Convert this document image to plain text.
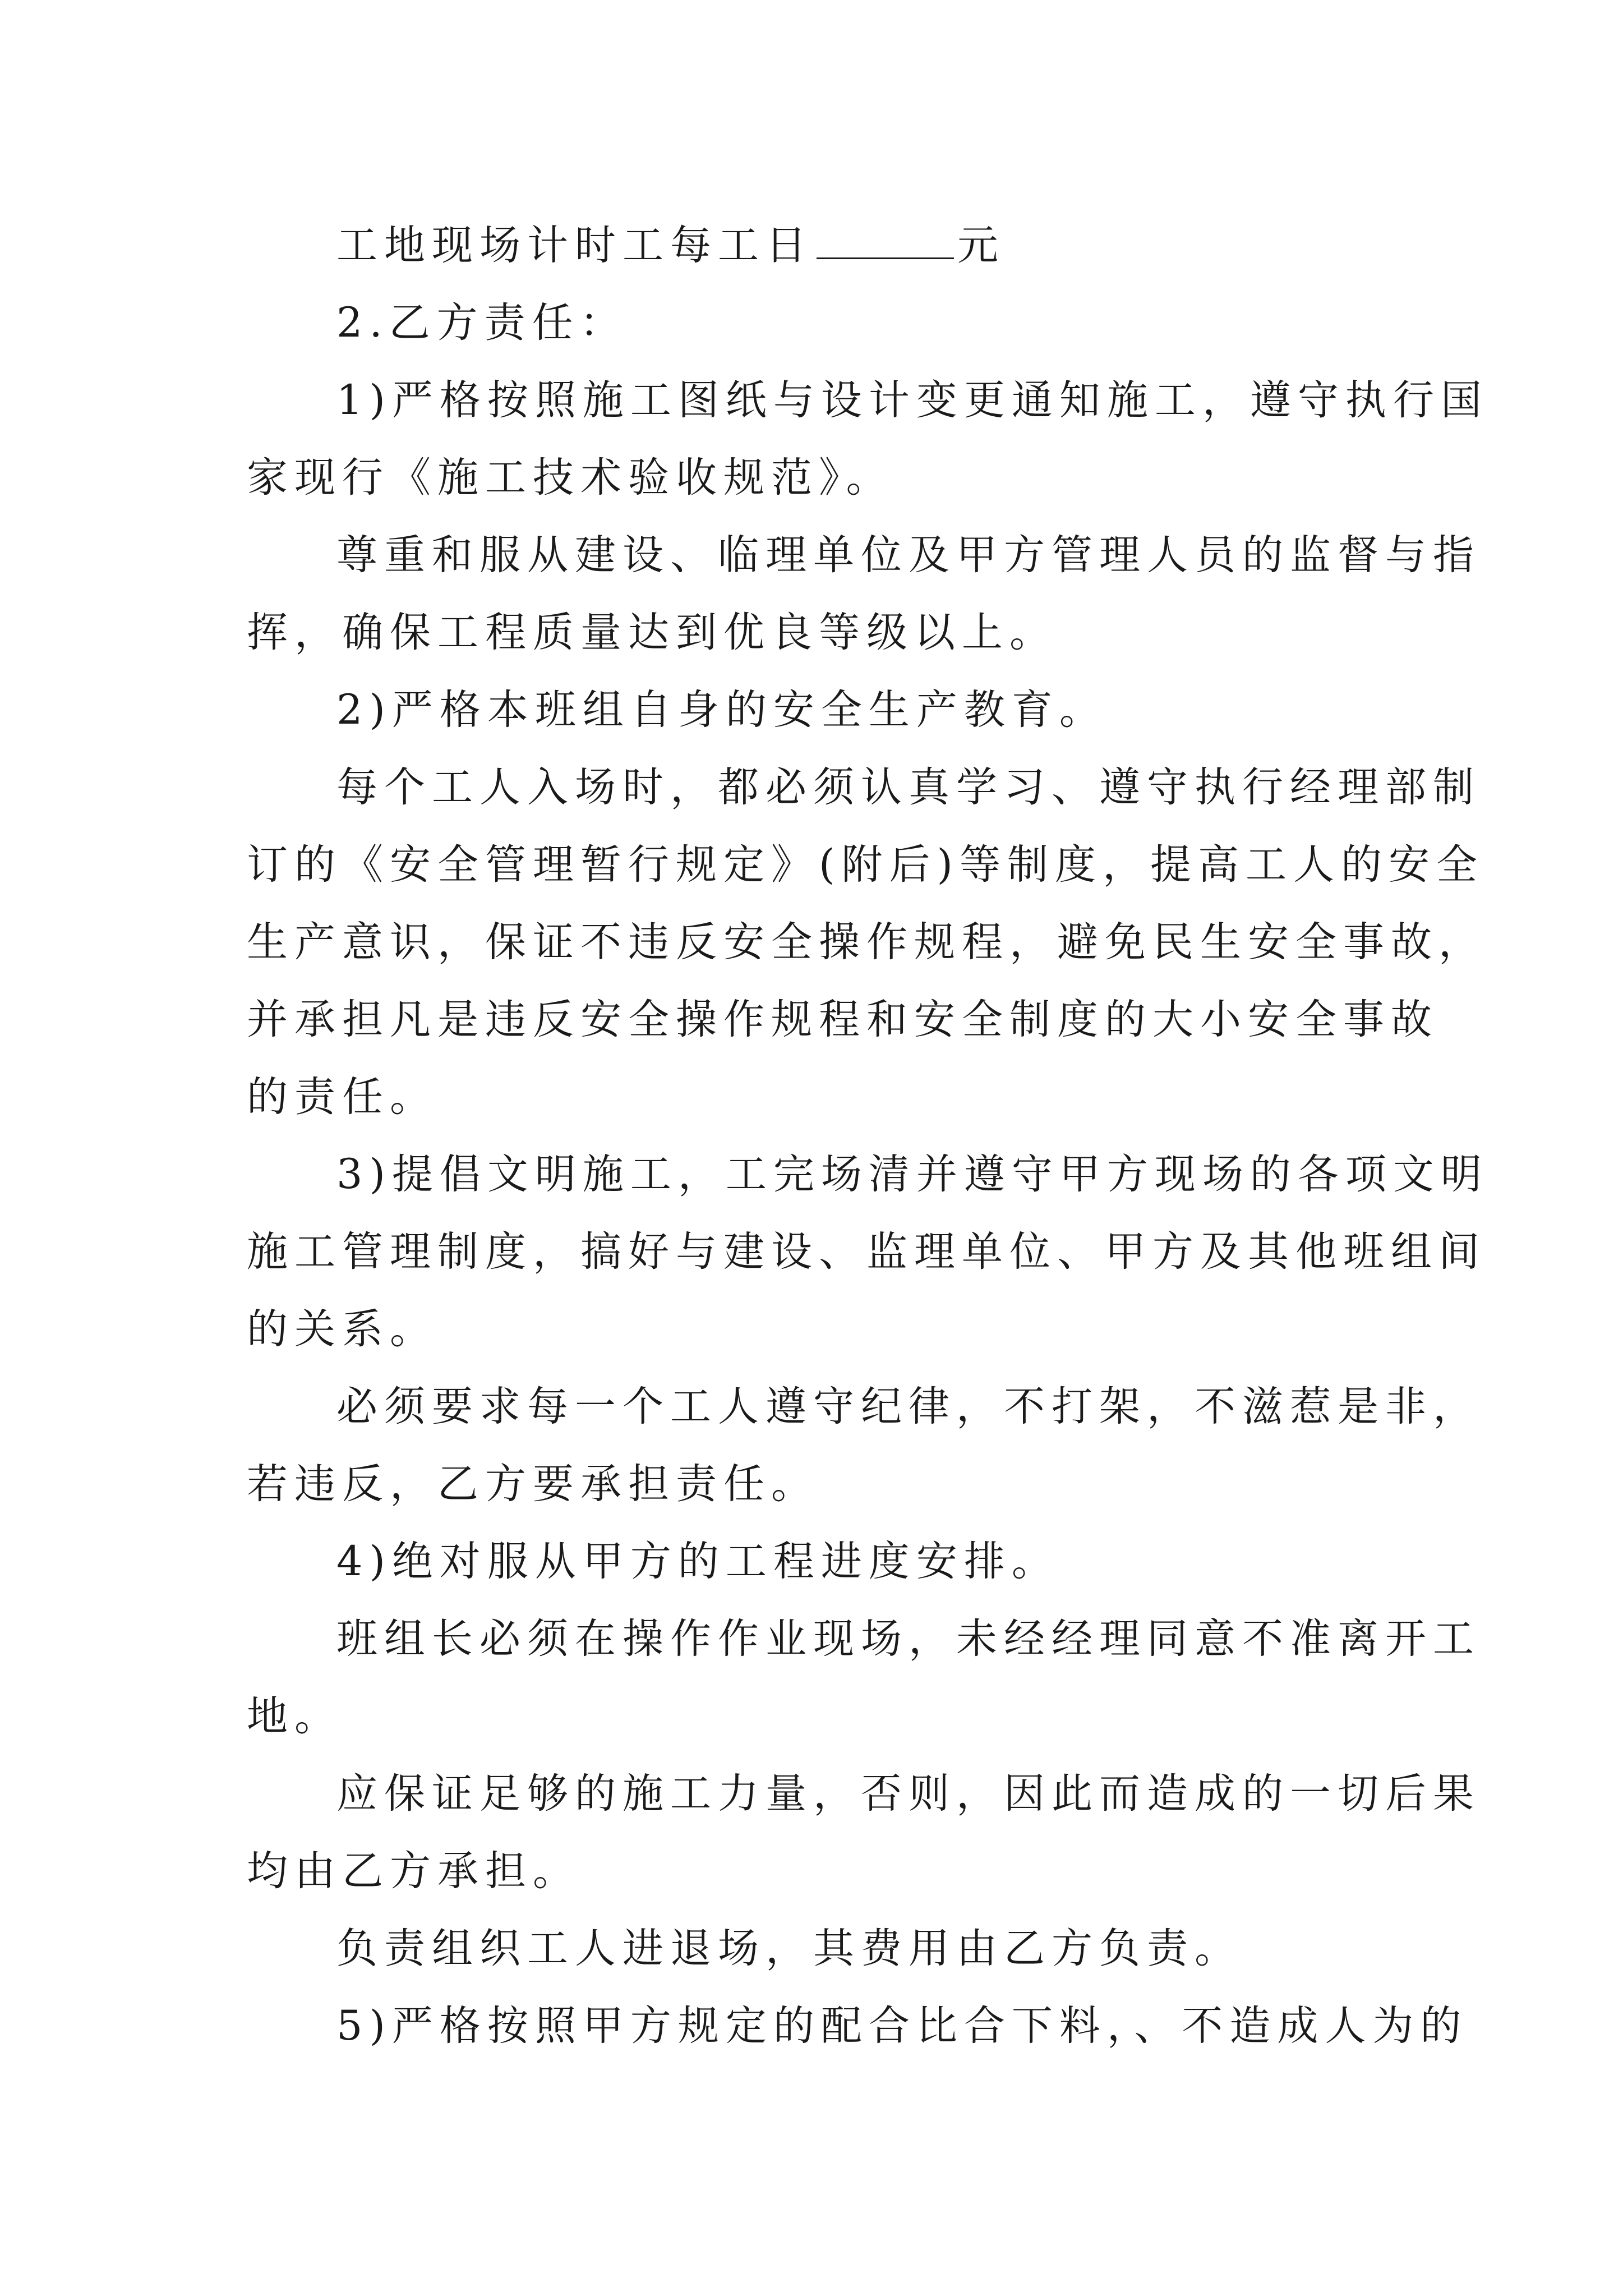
工地现场计时工每工日	元
2.乙方责任：
1)严格按照施工图纸与设计变更通知施工，遵守执行国
家现行《施工技术验收规范》。
尊重和服从建设、临理单位及甲方管理人员的监督与指
挥，确保工程质量达到优良等级以上。
2)严格本班组自身的安全生产教育。
每个工人入场时，都必须认真学习、遵守执行经理部制
订的《安全管理暂行规定》(附后)等制度，提高工人的安全
生产意识，保证不违反安全操作规程，避免民生安全事故，
并承担凡是违反安全操作规程和安全制度的大小安全事故
的责任。
3)提倡文明施工，工完场清并遵守甲方现场的各项文明
施工管理制度，搞好与建设、监理单位、甲方及其他班组间
的关系。
必须要求每一个工人遵守纪律，不打架，不滋惹是非，
若违反，乙方要承担责任。
4)绝对服从甲方的工程进度安排。
班组长必须在操作作业现场，未经经理同意不准离开工
地。
应保证足够的施工力量，否则，因此而造成的一切后果
均由乙方承担。
负责组织工人进退场，其费用由乙方负责。
5)严格按照甲方规定的配合比合下料，、不造成人为的
